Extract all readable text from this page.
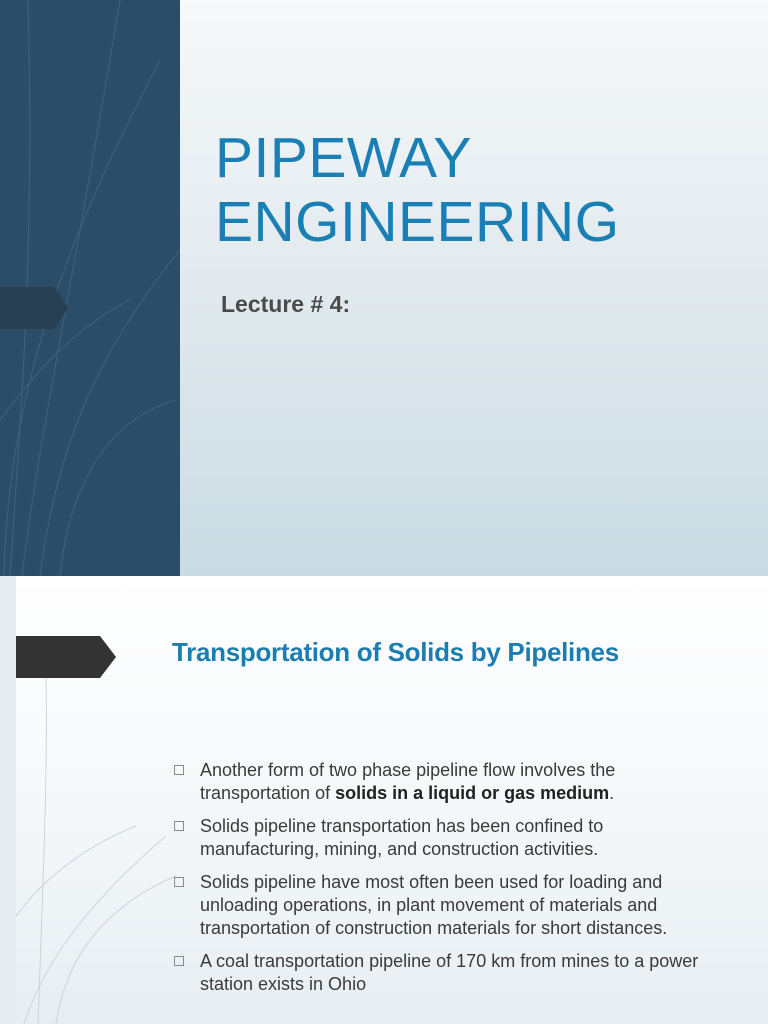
PIPEWAY
ENGINEERING
Lecture # 4:
Transportation of Solids by Pipelines
Another form of two phase pipeline flow involves the transportation of solids in a liquid or gas medium.
Solids pipeline transportation has been confined to manufacturing, mining, and construction activities.
Solids pipeline have most often been used for loading and unloading operations, in plant movement of materials and transportation of construction materials for short distances.
A coal transportation pipeline of 170 km from mines to a power station exists in Ohio
